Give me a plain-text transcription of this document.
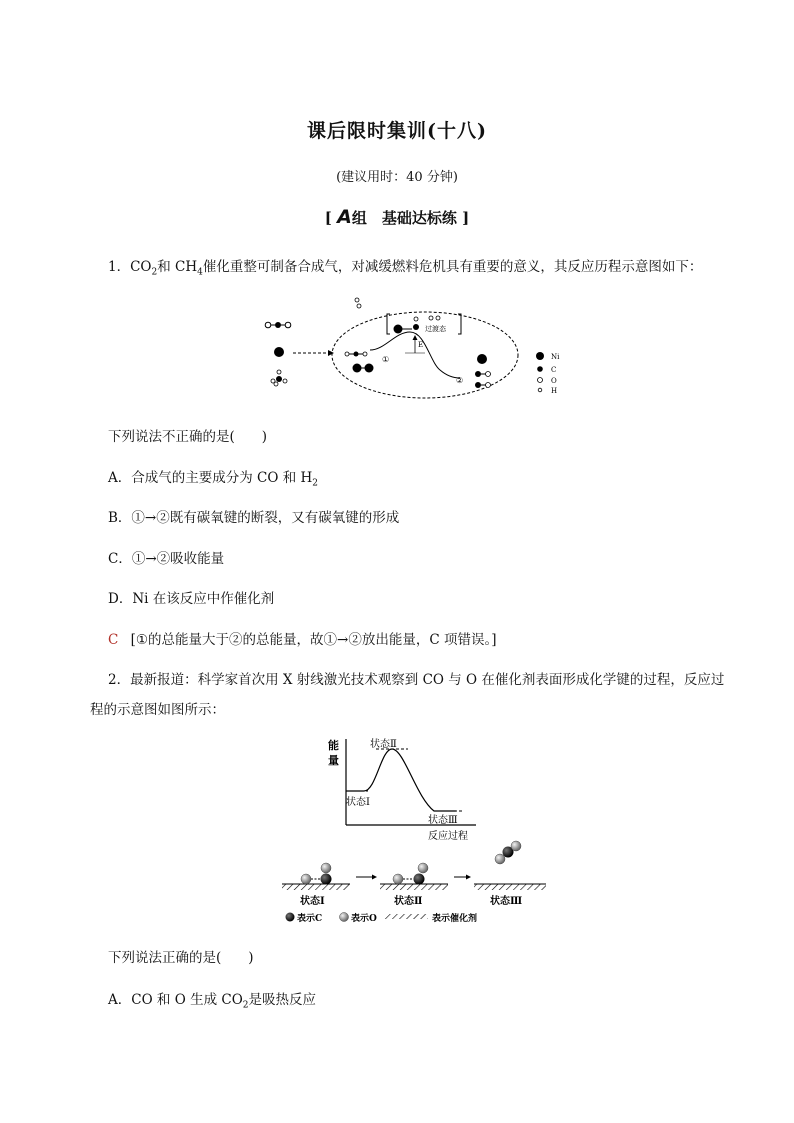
课后限时集训(十八)
(建议用时：40 分钟)
[ A组　基础达标练 ]
1．$CO_2$和 $CH_4$催化重整可制备合成气，对减缓燃料危机具有重要的意义，其反应历程示意图如下：
过渡态
E
①
②
Ni
C
O
H
下列说法不正确的是(　　)
A．合成气的主要成分为 CO 和 $H_2$
B．①→②既有碳氧键的断裂，又有碳氧键的形成
C．①→②吸收能量
D．Ni 在该反应中作催化剂
C [①的总能量大于②的总能量，故①→②放出能量，C 项错误。]
2．最新报道：科学家首次用 X 射线激光技术观察到 CO 与 O 在催化剂表面形成化学键的过程，反应过
程的示意图如图所示：
能
量
状态Ⅰ
状态Ⅱ
状态Ⅲ
反应过程
状态Ⅰ	状态Ⅱ	状态Ⅲ
表示C	表示O	表示催化剂
下列说法正确的是(　　)
A．CO 和 O 生成 $CO_2$是吸热反应
